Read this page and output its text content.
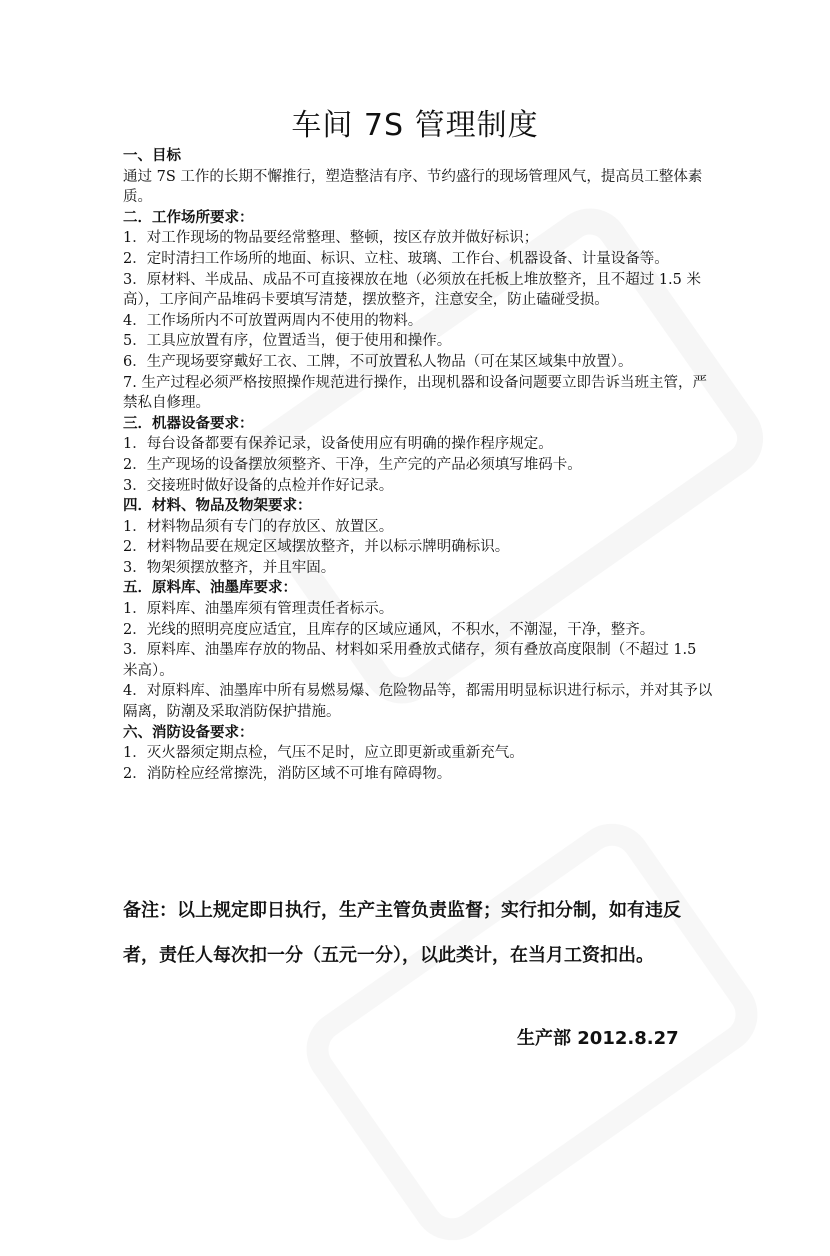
车间 7S 管理制度
一、目标
通过 7S 工作的长期不懈推行，塑造整洁有序、节约盛行的现场管理风气，提高员工整体素质。
二．工作场所要求：
1．对工作现场的物品要经常整理、整顿，按区存放并做好标识；
2．定时清扫工作场所的地面、标识、立柱、玻璃、工作台、机器设备、计量设备等。
3．原材料、半成品、成品不可直接裸放在地（必须放在托板上堆放整齐，且不超过 1.5 米高），工序间产品堆码卡要填写清楚，摆放整齐，注意安全，防止磕碰受损。
4．工作场所内不可放置两周内不使用的物料。
5．工具应放置有序，位置适当，便于使用和操作。
6．生产现场要穿戴好工衣、工牌，不可放置私人物品（可在某区域集中放置）。
7. 生产过程必须严格按照操作规范进行操作，出现机器和设备问题要立即告诉当班主管，严禁私自修理。
三．机器设备要求：
1．每台设备都要有保养记录，设备使用应有明确的操作程序规定。
2．生产现场的设备摆放须整齐、干净，生产完的产品必须填写堆码卡。
3．交接班时做好设备的点检并作好记录。
四．材料、物品及物架要求：
1．材料物品须有专门的存放区、放置区。
2．材料物品要在规定区域摆放整齐，并以标示牌明确标识。
3．物架须摆放整齐，并且牢固。
五．原料库、油墨库要求：
1．原料库、油墨库须有管理责任者标示。
2．光线的照明亮度应适宜，且库存的区域应通风，不积水，不潮湿，干净，整齐。
3．原料库、油墨库存放的物品、材料如采用叠放式储存，须有叠放高度限制（不超过 1.5 米高）。
4．对原料库、油墨库中所有易燃易爆、危险物品等，都需用明显标识进行标示，并对其予以隔离，防潮及采取消防保护措施。
六、消防设备要求：
1．灭火器须定期点检，气压不足时，应立即更新或重新充气。
2．消防栓应经常擦洗，消防区域不可堆有障碍物。
备注：以上规定即日执行，生产主管负责监督；实行扣分制，如有违反者，责任人每次扣一分（五元一分），以此类计，在当月工资扣出。
生产部 2012.8.27
